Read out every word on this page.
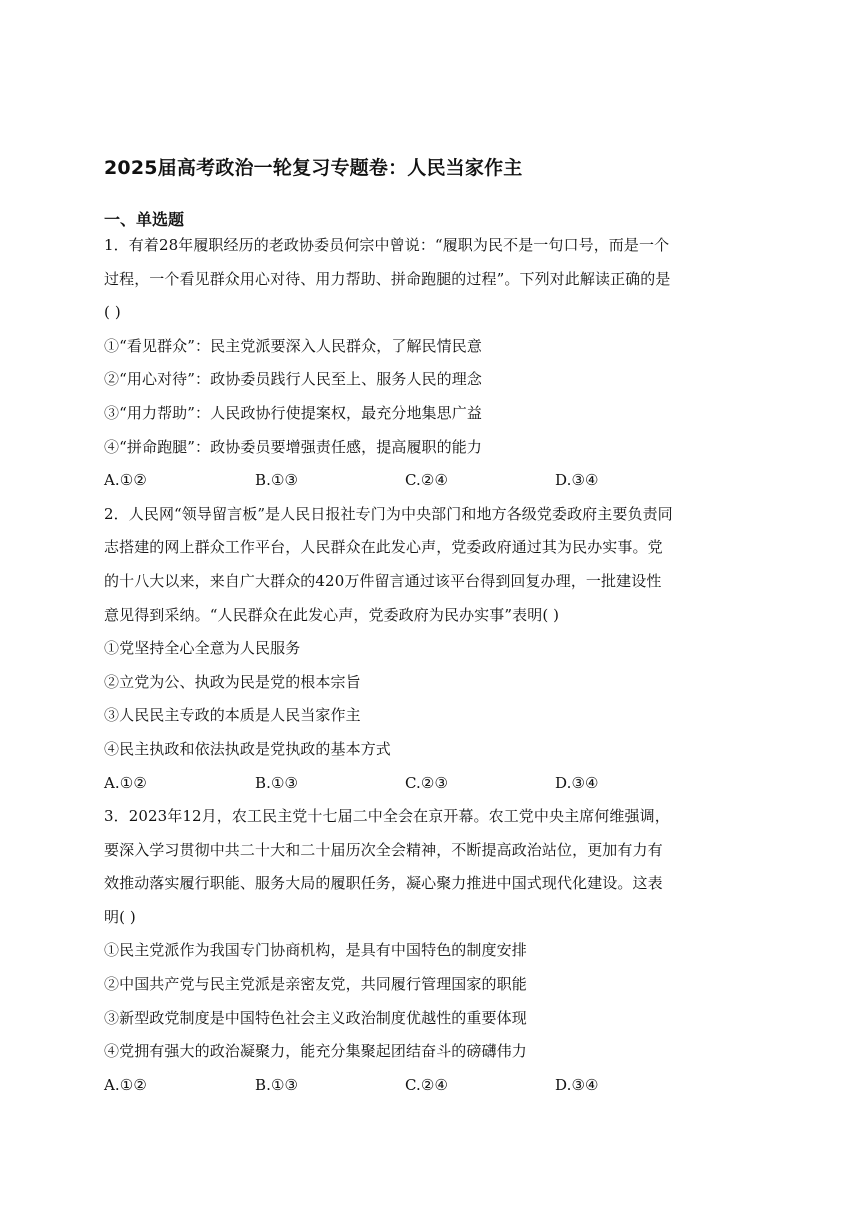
2025届高考政治一轮复习专题卷：人民当家作主
一、单选题
1．有着28年履职经历的老政协委员何宗中曾说：“履职为民不是一句口号，而是一个
过程，一个看见群众用心对待、用力帮助、拼命跑腿的过程”。下列对此解读正确的是
( )
①“看见群众”：民主党派要深入人民群众，了解民情民意
②“用心对待”：政协委员践行人民至上、服务人民的理念
③“用力帮助”：人民政协行使提案权，最充分地集思广益
④“拼命跑腿”：政协委员要增强责任感，提高履职的能力
A.①②	B.①③	C.②④	D.③④
2．人民网“领导留言板”是人民日报社专门为中央部门和地方各级党委政府主要负责同
志搭建的网上群众工作平台，人民群众在此发心声，党委政府通过其为民办实事。党
的十八大以来，来自广大群众的420万件留言通过该平台得到回复办理，一批建设性
意见得到采纳。“人民群众在此发心声，党委政府为民办实事”表明( )
①党坚持全心全意为人民服务
②立党为公、执政为民是党的根本宗旨
③人民民主专政的本质是人民当家作主
④民主执政和依法执政是党执政的基本方式
A.①②	B.①③	C.②③	D.③④
3．2023年12月，农工民主党十七届二中全会在京开幕。农工党中央主席何维强调，
要深入学习贯彻中共二十大和二十届历次全会精神，不断提高政治站位，更加有力有
效推动落实履行职能、服务大局的履职任务，凝心聚力推进中国式现代化建设。这表
明( )
①民主党派作为我国专门协商机构，是具有中国特色的制度安排
②中国共产党与民主党派是亲密友党，共同履行管理国家的职能
③新型政党制度是中国特色社会主义政治制度优越性的重要体现
④党拥有强大的政治凝聚力，能充分集聚起团结奋斗的磅礴伟力
A.①②	B.①③	C.②④	D.③④
